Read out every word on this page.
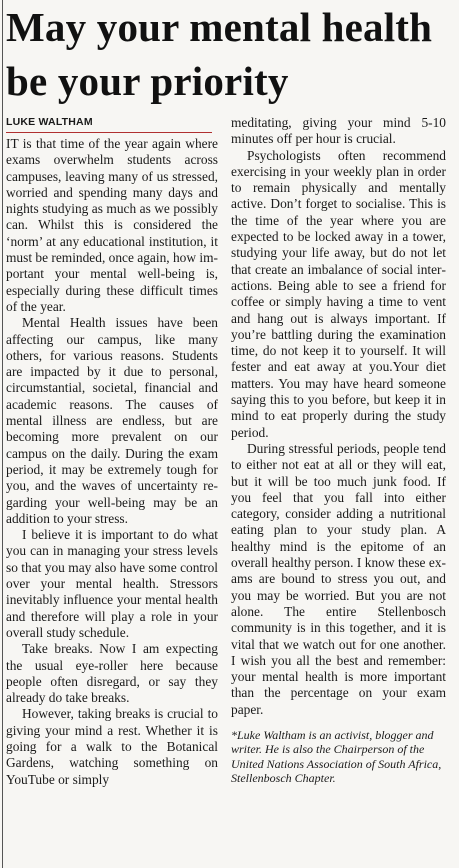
May your mental health be your priority
LUKE WALTHAM

IT is that time of the year again where exams overwhelm students across campuses, leaving many of us stressed, worried and spending many days and nights studying as much as we possibly can. Whilst this is considered the ‘norm’ at any educational institution, it must be reminded, once again, how important your mental well-being is, especially during these difficult times of the year.

Mental Health issues have been affecting our campus, like many others, for various reasons. Students are impacted by it due to personal, circumstantial, societal, financial and academic reasons. The causes of mental illness are endless, but are becoming more prevalent on our campus on the daily. During the exam period, it may be extremely tough for you, and the waves of uncertainty regarding your well-being may be an addition to your stress.

I believe it is important to do what you can in managing your stress levels so that you may also have some control over your mental health. Stressors inevitably influence your mental health and therefore will play a role in your overall study schedule.

Take breaks. Now I am expecting the usual eye-roller here because people often disregard, or say they already do take breaks.

However, taking breaks is crucial to giving your mind a rest. Whether it is going for a walk to the Botanical Gardens, watching something on YouTube or simply

meditating, giving your mind 5-10 minutes off per hour is crucial.

Psychologists often recommend exercising in your weekly plan in order to remain physically and mentally active. Don’t forget to socialise. This is the time of the year where you are expected to be locked away in a tower, studying your life away, but do not let that create an imbalance of social interactions. Being able to see a friend for coffee or simply having a time to vent and hang out is always important. If you’re battling during the examination time, do not keep it to yourself. It will fester and eat away at you.Your diet matters. You may have heard someone saying this to you before, but keep it in mind to eat properly during the study period.

During stressful periods, people tend to either not eat at all or they will eat, but it will be too much junk food. If you feel that you fall into either category, consider adding a nutritional eating plan to your study plan. A healthy mind is the epitome of an overall healthy person. I know these exams are bound to stress you out, and you may be worried. But you are not alone. The entire Stellenbosch community is in this together, and it is vital that we watch out for one another. I wish you all the best and remember: your mental health is more important than the percentage on your exam paper.

*Luke Waltham is an activist, blogger and writer. He is also the Chairperson of the United Nations Association of South Africa, Stellenbosch Chapter.
